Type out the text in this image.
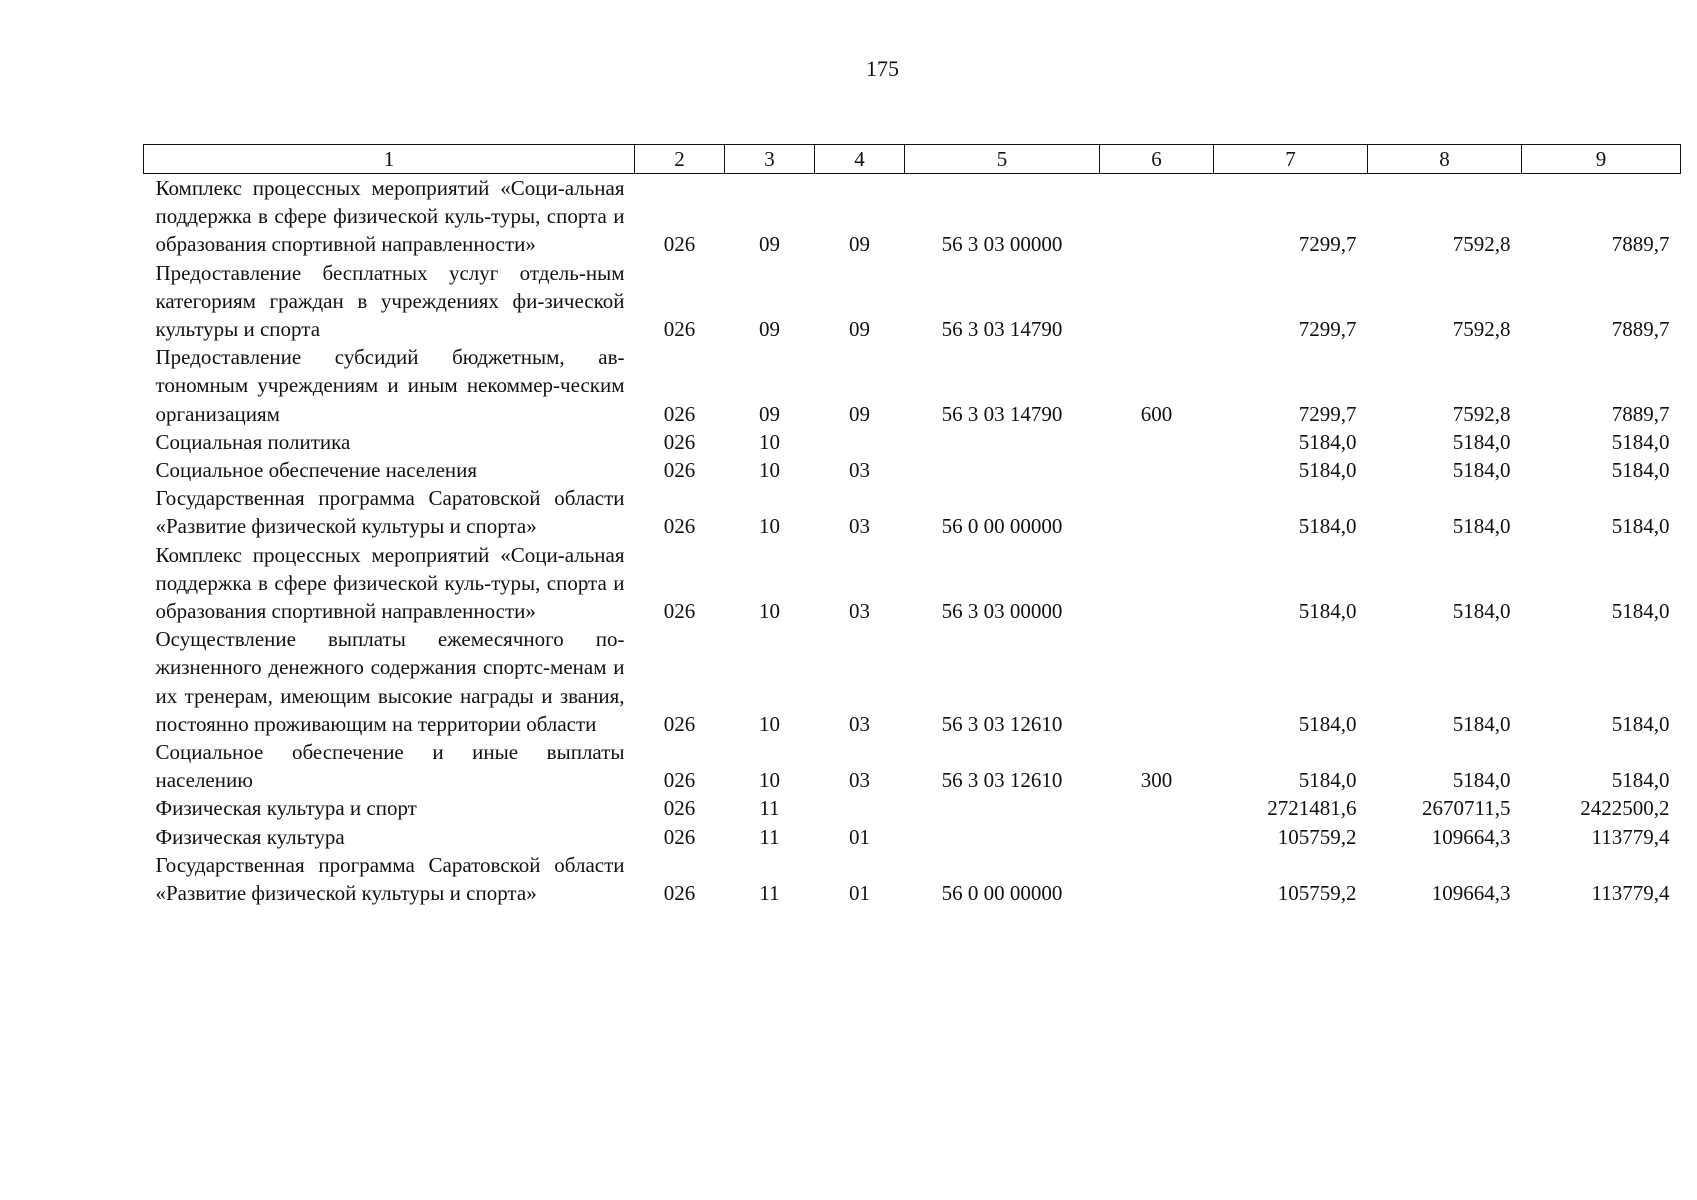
175
1	2	3	4	5	6	7	8	9
Комплекс процессных мероприятий «Соци-альная поддержка в сфере физической куль-туры, спорта и образования спортивной направленности»	026	09	09	56 3 03 00000		7299,7	7592,8	7889,7
Предоставление бесплатных услуг отдель-ным категориям граждан в учреждениях фи-зической культуры и спорта	026	09	09	56 3 03 14790		7299,7	7592,8	7889,7
Предоставление субсидий бюджетным, ав-тономным учреждениям и иным некоммер-ческим организациям	026	09	09	56 3 03 14790	600	7299,7	7592,8	7889,7
Социальная политика	026	10				5184,0	5184,0	5184,0
Социальное обеспечение населения	026	10	03			5184,0	5184,0	5184,0
Государственная программа Саратовской области «Развитие физической культуры и спорта»	026	10	03	56 0 00 00000		5184,0	5184,0	5184,0
Комплекс процессных мероприятий «Соци-альная поддержка в сфере физической куль-туры, спорта и образования спортивной направленности»	026	10	03	56 3 03 00000		5184,0	5184,0	5184,0
Осуществление выплаты ежемесячного по-жизненного денежного содержания спортс-менам и их тренерам, имеющим высокие награды и звания, постоянно проживающим на территории области	026	10	03	56 3 03 12610		5184,0	5184,0	5184,0
Социальное обеспечение и иные выплаты населению	026	10	03	56 3 03 12610	300	5184,0	5184,0	5184,0
Физическая культура и спорт	026	11				2721481,6	2670711,5	2422500,2
Физическая культура	026	11	01			105759,2	109664,3	113779,4
Государственная программа Саратовской области «Развитие физической культуры и спорта»	026	11	01	56 0 00 00000		105759,2	109664,3	113779,4
